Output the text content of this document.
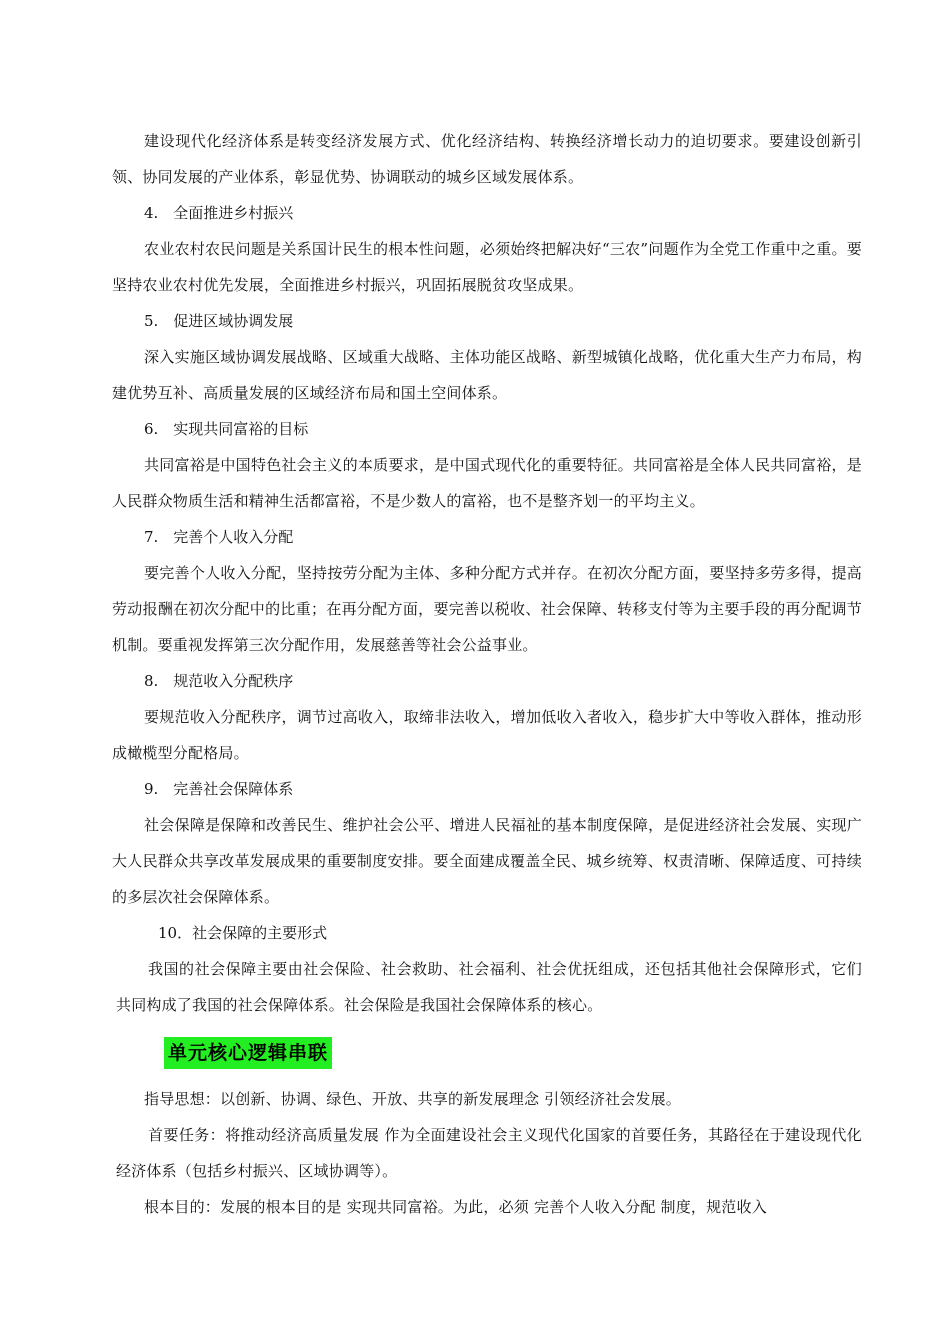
建设现代化经济体系是转变经济发展方式、优化经济结构、转换经济增长动力的迫切要求。要建设创新引领、协同发展的产业体系，彰显优势、协调联动的城乡区域发展体系。

4.　全面推进乡村振兴

农业农村农民问题是关系国计民生的根本性问题，必须始终把解决好“三农”问题作为全党工作重中之重。要坚持农业农村优先发展，全面推进乡村振兴，巩固拓展脱贫攻坚成果。

5.　促进区域协调发展

深入实施区域协调发展战略、区域重大战略、主体功能区战略、新型城镇化战略，优化重大生产力布局，构建优势互补、高质量发展的区域经济布局和国土空间体系。

6.　实现共同富裕的目标

共同富裕是中国特色社会主义的本质要求，是中国式现代化的重要特征。共同富裕是全体人民共同富裕，是人民群众物质生活和精神生活都富裕，不是少数人的富裕，也不是整齐划一的平均主义。

7.　完善个人收入分配

要完善个人收入分配，坚持按劳分配为主体、多种分配方式并存。在初次分配方面，要坚持多劳多得，提高劳动报酬在初次分配中的比重；在再分配方面，要完善以税收、社会保障、转移支付等为主要手段的再分配调节机制。要重视发挥第三次分配作用，发展慈善等社会公益事业。

8.　规范收入分配秩序

要规范收入分配秩序，调节过高收入，取缔非法收入，增加低收入者收入，稳步扩大中等收入群体，推动形成橄榄型分配格局。

9.　完善社会保障体系

社会保障是保障和改善民生、维护社会公平、增进人民福祉的基本制度保障，是促进经济社会发展、实现广大人民群众共享改革发展成果的重要制度安排。要全面建成覆盖全民、城乡统筹、权责清晰、保障适度、可持续的多层次社会保障体系。

10．社会保障的主要形式

我国的社会保障主要由社会保险、社会救助、社会福利、社会优抚组成，还包括其他社会保障形式，它们共同构成了我国的社会保障体系。社会保险是我国社会保障体系的核心。

单元核心逻辑串联

指导思想：以创新、协调、绿色、开放、共享的新发展理念 引领经济社会发展。

首要任务：将推动经济高质量发展 作为全面建设社会主义现代化国家的首要任务，其路径在于建设现代化经济体系（包括乡村振兴、区域协调等）。

根本目的：发展的根本目的是 实现共同富裕。为此，必须 完善个人收入分配 制度，规范收入
